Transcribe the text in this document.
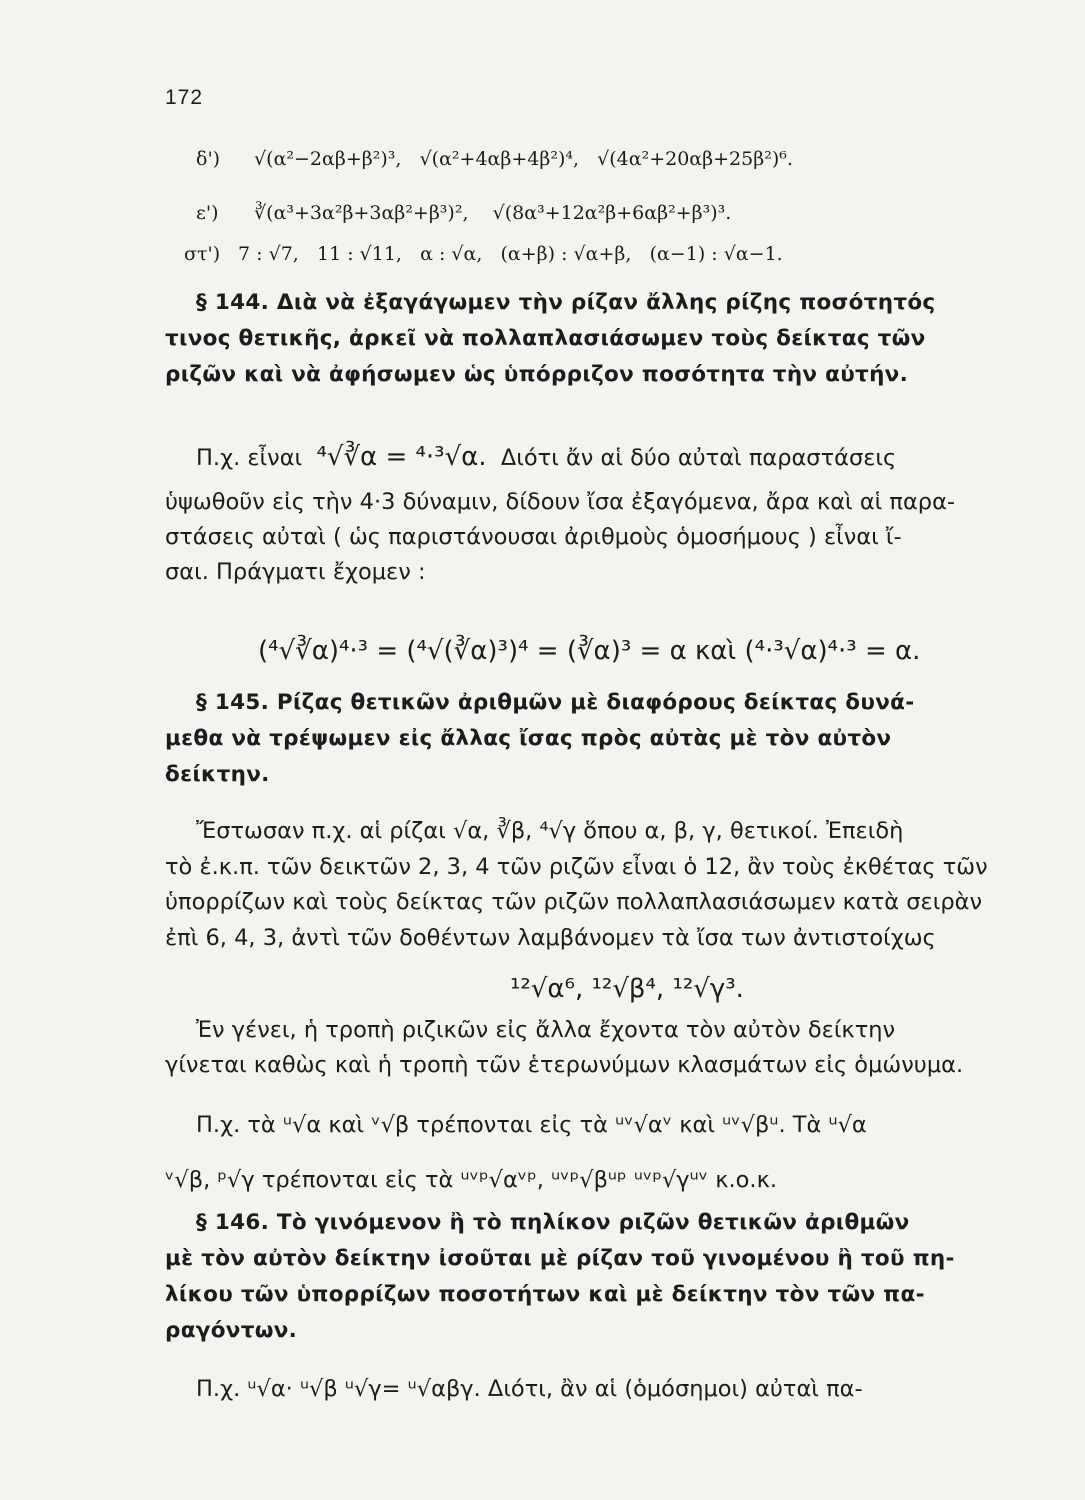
172
δ') √(α²−2αβ+β²)³, √(α²+4αβ+4β²)⁴, √(4α²+20αβ+25β²)⁶.
ε') ∛(α³+3α²β+3αβ²+β³)², √(8α³+12α²β+6αβ²+β³)³.
στ') 7 : √7, 11 : √11, α : √α, (α+β) : √α+β, (α−1) : √α−1.
§ 144. Διὰ νὰ ἐξαγάγωμεν τὴν ρίζαν ἄλλης ρίζης ποσότητός
τινος θετικῆς, ἀρκεῖ νὰ πολλαπλασιάσωμεν τοὺς δείκτας τῶν
ριζῶν καὶ νὰ ἀφήσωμεν ὡς ὑπόρριζον ποσότητα τὴν αὐτήν.
Π.χ. εἶναι ⁴√∛α = ⁴·³√α. Διότι ἄν αἱ δύο αὐταὶ παραστάσεις
ὑψωθοῦν εἰς τὴν 4·3 δύναμιν, δίδουν ἴσα ἐξαγόμενα, ἄρα καὶ αἱ παρα-
στάσεις αὐταὶ ( ὡς παριστάνουσαι ἀριθμοὺς ὁμοσήμους ) εἶναι ἴ-
σαι. Πράγματι ἔχομεν :
(⁴√∛α)⁴·³ = (⁴√(∛α)³)⁴ = (∛α)³ = α καὶ (⁴·³√α)⁴·³ = α.
§ 145. Ρίζας θετικῶν ἀριθμῶν μὲ διαφόρους δείκτας δυνά-
μεθα νὰ τρέψωμεν εἰς ἄλλας ἴσας πρὸς αὐτὰς μὲ τὸν αὐτὸν
δείκτην.
Ἔστωσαν π.χ. αἱ ρίζαι √α, ∛β, ⁴√γ ὅπου α, β, γ, θετικοί. Ἐπειδὴ
τὸ ἐ.κ.π. τῶν δεικτῶν 2, 3, 4 τῶν ριζῶν εἶναι ὁ 12, ἂν τοὺς ἐκθέτας τῶν
ὑπορρίζων καὶ τοὺς δείκτας τῶν ριζῶν πολλαπλασιάσωμεν κατὰ σειρὰν
ἐπὶ 6, 4, 3, ἀντὶ τῶν δοθέντων λαμβάνομεν τὰ ἴσα των ἀντιστοίχως
¹²√α⁶, ¹²√β⁴, ¹²√γ³.
Ἐν γένει, ἡ τροπὴ ριζικῶν εἰς ἄλλα ἔχοντα τὸν αὐτὸν δείκτην
γίνεται καθὼς καὶ ἡ τροπὴ τῶν ἑτερωνύμων κλασμάτων εἰς ὁμώνυμα.
Π.χ. τὰ ᵘ√α καὶ ᵛ√β τρέπονται εἰς τὰ ᵘᵛ√αᵛ καὶ ᵘᵛ√βᵘ. Τὰ ᵘ√α
ᵛ√β, ᵖ√γ τρέπονται εἰς τὰ ᵘᵛᵖ√αᵛᵖ, ᵘᵛᵖ√βᵘᵖ ᵘᵛᵖ√γᵘᵛ κ.ο.κ.
§ 146. Τὸ γινόμενον ἢ τὸ πηλίκον ριζῶν θετικῶν ἀριθμῶν
μὲ τὸν αὐτὸν δείκτην ἰσοῦται μὲ ρίζαν τοῦ γινομένου ἢ τοῦ πη-
λίκου τῶν ὑπορρίζων ποσοτήτων καὶ μὲ δείκτην τὸν τῶν πα-
ραγόντων.
Π.χ. ᵘ√α· ᵘ√β ᵘ√γ= ᵘ√αβγ. Διότι, ἂν αἱ (ὁμόσημοι) αὐταὶ πα-
